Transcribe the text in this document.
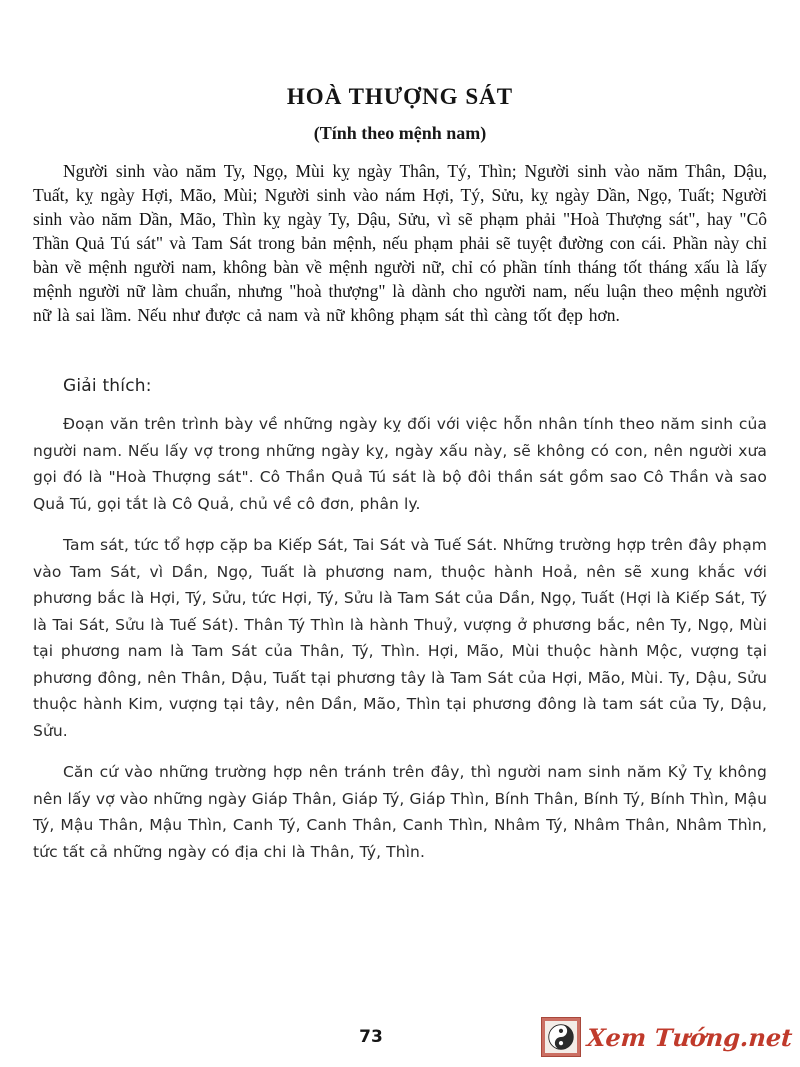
HOÀ THƯỢNG SÁT
(Tính theo mệnh nam)

Người sinh vào năm Ty, Ngọ, Mùi kỵ ngày Thân, Tý, Thìn; Người sinh vào năm Thân, Dậu, Tuất, kỵ ngày Hợi, Mão, Mùi; Người sinh vào nám Hợi, Tý, Sửu, kỵ ngày Dần, Ngọ, Tuất; Người sinh vào năm Dần, Mão, Thìn kỵ ngày Ty, Dậu, Sửu, vì sẽ phạm phải "Hoà Thượng sát", hay "Cô Thần Quả Tú sát" và Tam Sát trong bản mệnh, nếu phạm phải sẽ tuyệt đường con cái. Phần này chỉ bàn về mệnh người nam, không bàn về mệnh người nữ, chỉ có phần tính tháng tốt tháng xấu là lấy mệnh người nữ làm chuẩn, nhưng "hoà thượng" là dành cho người nam, nếu luận theo mệnh người nữ là sai lầm. Nếu như được cả nam và nữ không phạm sát thì càng tốt đẹp hơn.

Giải thích:

Đoạn văn trên trình bày về những ngày kỵ đối với việc hỗn nhân tính theo năm sinh của người nam. Nếu lấy vợ trong những ngày kỵ, ngày xấu này, sẽ không có con, nên người xưa gọi đó là "Hoà Thượng sát". Cô Thần Quả Tú sát là bộ đôi thần sát gồm sao Cô Thần và sao Quả Tú, gọi tắt là Cô Quả, chủ về cô đơn, phân ly.

Tam sát, tức tổ hợp cặp ba Kiếp Sát, Tai Sát và Tuế Sát. Những trường hợp trên đây phạm vào Tam Sát, vì Dần, Ngọ, Tuất là phương nam, thuộc hành Hoả, nên sẽ xung khắc với phương bắc là Hợi, Tý, Sửu, tức Hợi, Tý, Sửu là Tam Sát của Dần, Ngọ, Tuất (Hợi là Kiếp Sát, Tý là Tai Sát, Sửu là Tuế Sát). Thân Tý Thìn là hành Thuỷ, vượng ở phương bắc, nên Ty, Ngọ, Mùi tại phương nam là Tam Sát của Thân, Tý, Thìn. Hợi, Mão, Mùi thuộc hành Mộc, vượng tại phương đông, nên Thân, Dậu, Tuất tại phương tây là Tam Sát của Hợi, Mão, Mùi. Ty, Dậu, Sửu thuộc hành Kim, vượng tại tây, nên Dần, Mão, Thìn tại phương đông là tam sát của Ty, Dậu, Sửu.

Căn cứ vào những trường hợp nên tránh trên đây, thì người nam sinh năm Kỷ Tỵ không nên lấy vợ vào những ngày Giáp Thân, Giáp Tý, Giáp Thìn, Bính Thân, Bính Tý, Bính Thìn, Mậu Tý, Mậu Thân, Mậu Thìn, Canh Tý, Canh Thân, Canh Thìn, Nhâm Tý, Nhâm Thân, Nhâm Thìn, tức tất cả những ngày có địa chi là Thân, Tý, Thìn.

73	Xem Tướng.net
